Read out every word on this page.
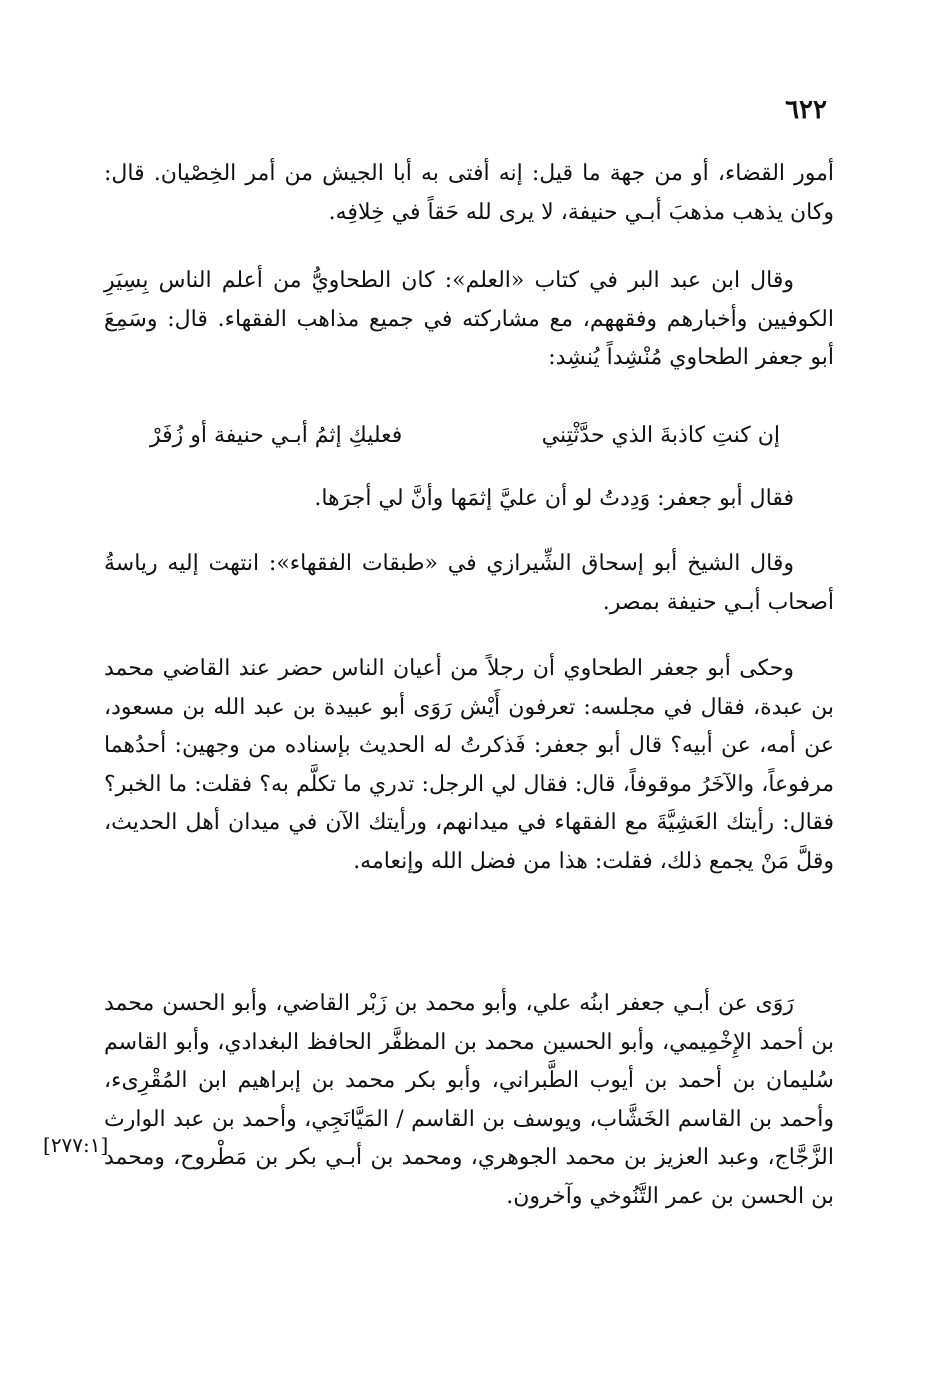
٦٢٢

أمور القضاء، أو من جهة ما قيل: إنه أفتى به أبا الجيش من أمر الخِصْيان. قال: وكان يذهب مذهبَ أبـي حنيفة، لا يرى لله حَقاً في خِلافِه.

وقال ابن عبد البر في كتاب «العلم»: كان الطحاويُّ من أعلم الناس بِسِيَرِ الكوفيين وأخبارهم وفقههم، مع مشاركته في جميع مذاهب الفقهاء. قال: وسَمِعَ أبو جعفر الطحاوي مُنْشِداً يُنشِد:

إن كنتِ كاذبةَ الذي حدَّثْتِني
فعليكِ إثمُ أبـي حنيفة أو زُفَرْ

فقال أبو جعفر: وَدِدتُ لو أن عليَّ إثمَها وأنَّ لي أجرَها.

وقال الشيخ أبو إسحاق الشِّيرازي في «طبقات الفقهاء»: انتهت إليه رياسةُ أصحاب أبـي حنيفة بمصر.

وحكى أبو جعفر الطحاوي أن رجلاً من أعيان الناس حضر عند القاضي محمد بن عبدة، فقال في مجلسه: تعرفون أَيْش رَوَى أبو عبيدة بن عبد الله بن مسعود، عن أمه، عن أبيه؟ قال أبو جعفر: فَذكرتُ له الحديث بإسناده من وجهين: أحدُهما مرفوعاً، والآخَرُ موقوفاً، قال: فقال لي الرجل: تدري ما تكلَّم به؟ فقلت: ما الخبر؟ فقال: رأيتك العَشِيَّةَ مع الفقهاء في ميدانهم، ورأيتك الآن في ميدان أهل الحديث، وقلَّ مَنْ يجمع ذلك، فقلت: هذا من فضل الله وإنعامه.

رَوَى عن أبـي جعفر ابنُه علي، وأبو محمد بن زَبْر القاضي، وأبو الحسن محمد بن أحمد الإِخْمِيمي، وأبو الحسين محمد بن المظفَّر الحافظ البغدادي، وأبو القاسم سُليمان بن أحمد بن أيوب الطَّبراني، وأبو بكر محمد بن إبراهيم ابن المُقْرِىء، وأحمد بن القاسم الخَشَّاب، ويوسف بن القاسم / المَيَّانَجِي، وأحمد بن عبد الوارث الزَّجَّاج، وعبد العزيز بن محمد الجوهري، ومحمد بن أبـي بكر بن مَطْروح، ومحمد بن الحسن بن عمر التَّنُوخي وآخرون.

[٢٧٧:١]
